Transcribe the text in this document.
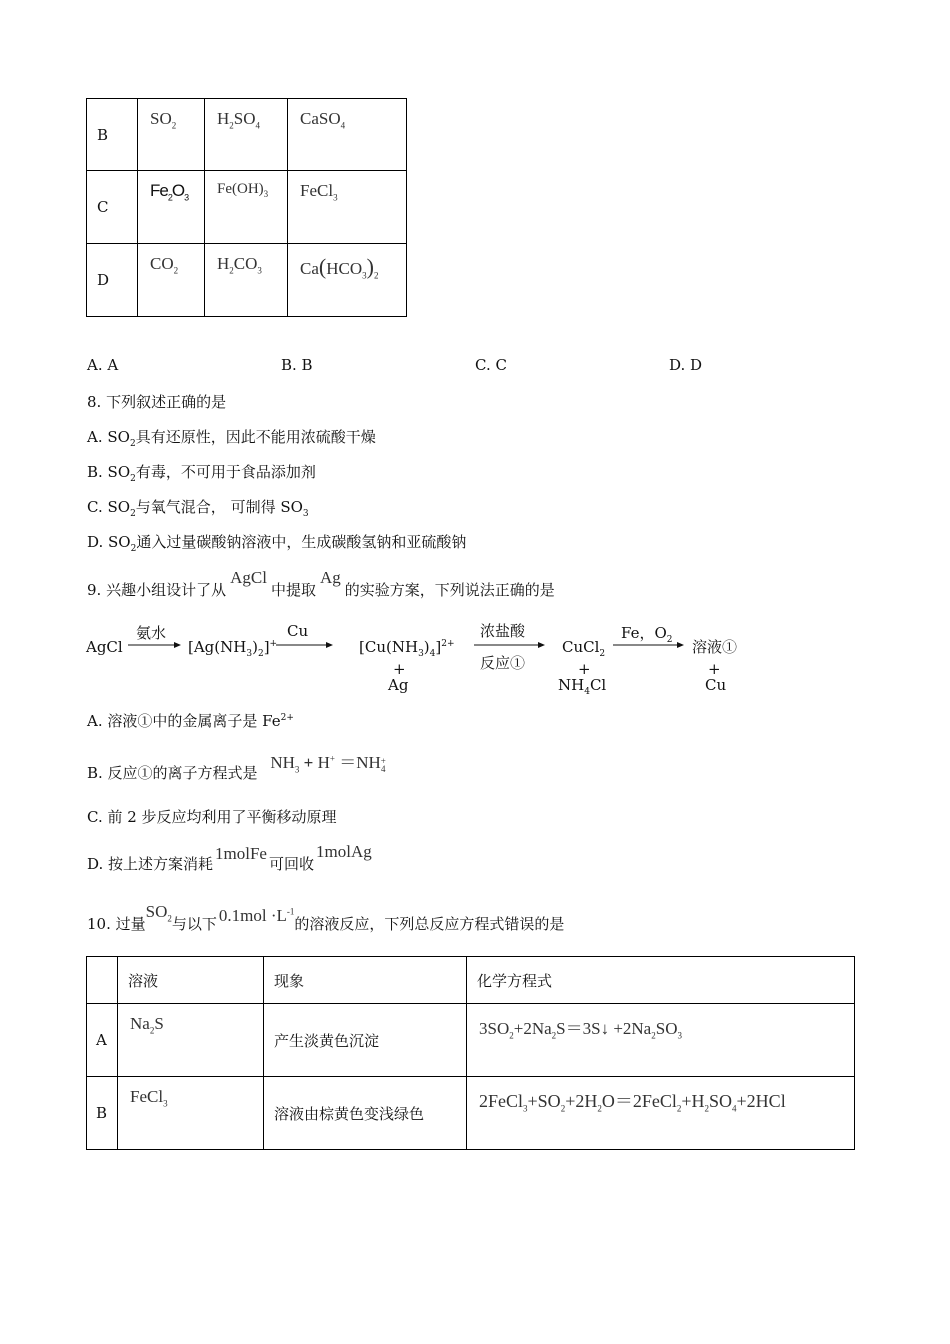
B	$SO_2$	$H_2SO_4$	CaSO$_4$
C	$Fe_2O_3$	$Fe(OH)_3$	FeCl$_3$
D	$CO_2$	$H_2CO_3$	$Ca(HCO_3)_2$
A. A	B. B	C. C	D. D
8. 下列叙述正确的是
A. $SO_2$具有还原性，因此不能用浓硫酸干燥
B. $SO_2$有毒，不可用于食品添加剂
C. $SO_2$与氧气混合， 可制得 $SO_3$
D. $SO_2$通入过量碳酸钠溶液中，生成碳酸氢钠和亚硫酸钠
9. 兴趣小组设计了从AgCl中提取Ag的实验方案，下列说法正确的是
AgCl
氨水
$[Ag(NH_3)_2]^+$
Cu
$[Cu(NH_3)_4]^{2+}$
+
Ag
浓盐酸
反应①
CuCl$_2$
+
$NH_4Cl$
Fe，$O_2$ 溶液①
+
Cu
A. 溶液①中的金属离子是 $Fe^{2+}$
B. 反应①的离子方程式是 $NH_3 + H^+ =NH+$
4
C. 前 2 步反应均利用了平衡移动原理
D. 按上述方案消耗1molFe可回收1molAg
10. 过量$SO_2$与以下 $0.1mol \cdot L^{-1}$的溶液反应，下列总反应方程式错误的是
	溶液	现象	化学方程式
A	$Na_2S$	产生淡黄色沉淀	$3SO_2+2Na_2S=3S↓ +2Na_2SO_3$
B	FeCl$_3$	溶液由棕黄色变浅绿色	$2FeCl_3+SO_2+2H_2O=2FeCl_2+H_2SO_4+2HCl$
